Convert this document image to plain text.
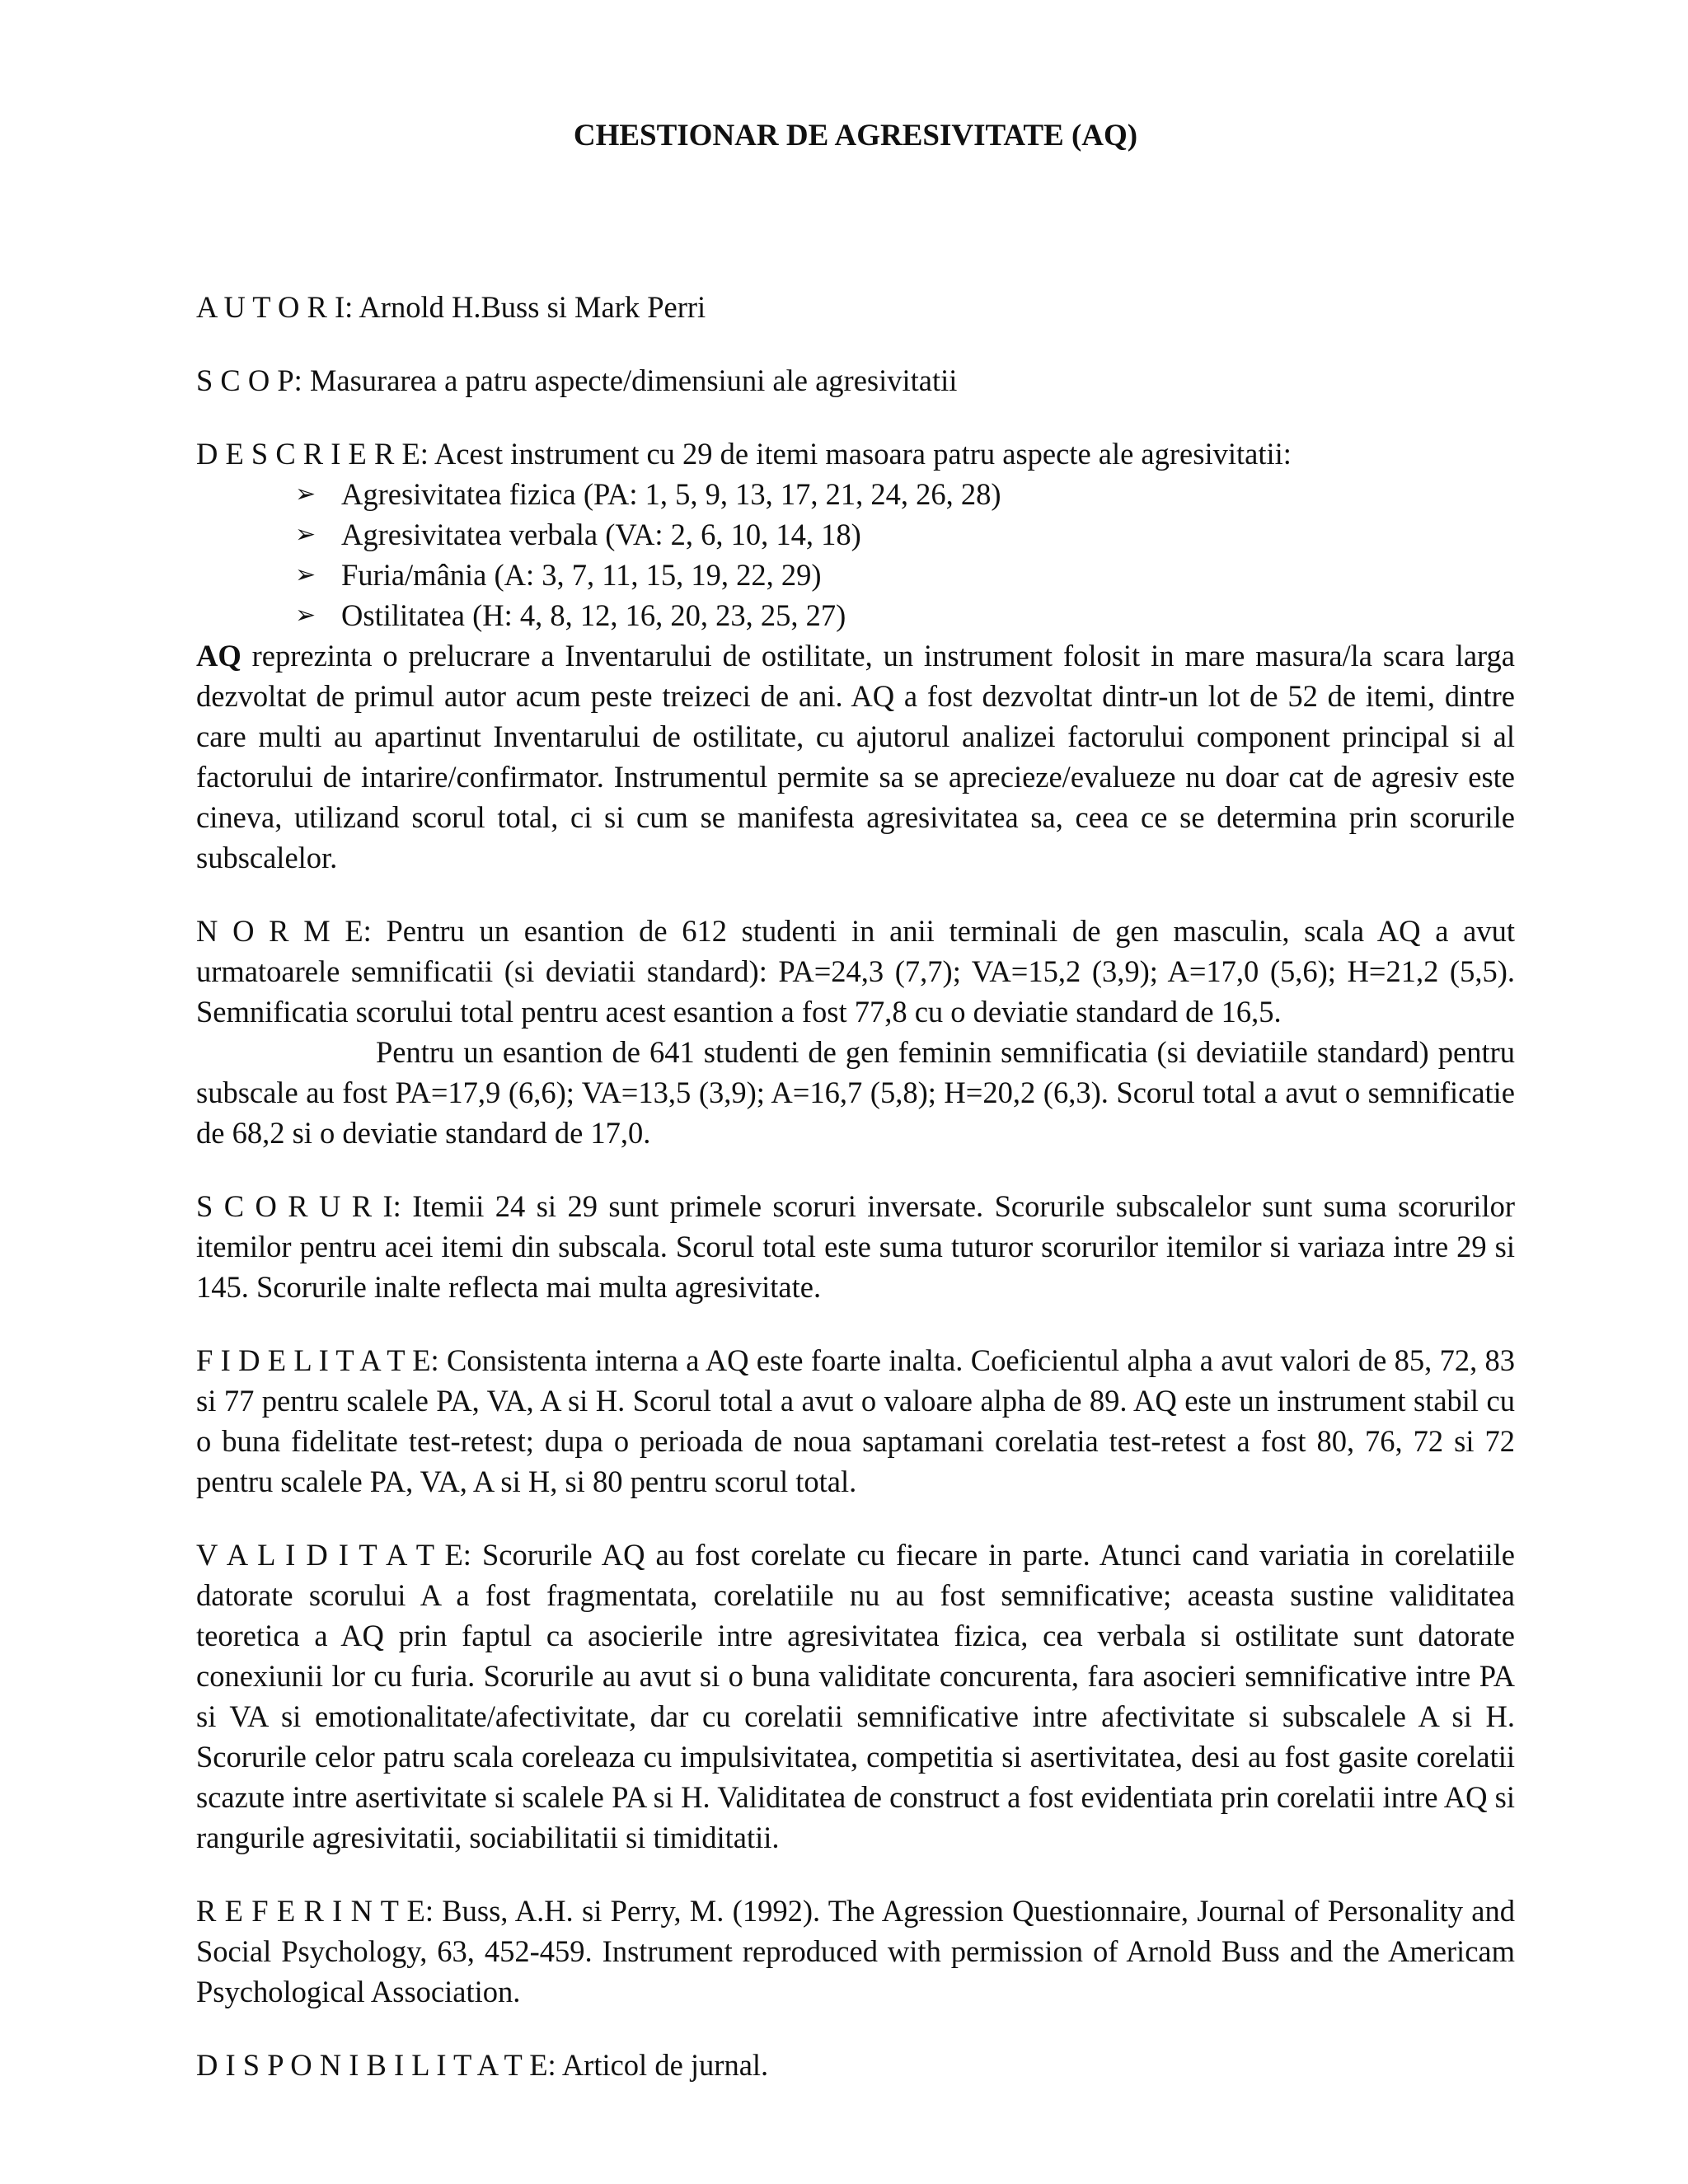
CHESTIONAR DE AGRESIVITATE (AQ)

A U T O R I: Arnold H.Buss si Mark Perri

S C O P: Masurarea a patru aspecte/dimensiuni ale agresivitatii

D E S C R I E R E: Acest instrument cu 29 de itemi masoara patru aspecte ale agresivitatii:

➢ Agresivitatea fizica (PA: 1, 5, 9, 13, 17, 21, 24, 26, 28)
➢ Agresivitatea verbala (VA: 2, 6, 10, 14, 18)
➢ Furia/mânia (A: 3, 7, 11, 15, 19, 22, 29)
➢ Ostilitatea (H: 4, 8, 12, 16, 20, 23, 25, 27)

AQ reprezinta o prelucrare a Inventarului de ostilitate, un instrument folosit in mare masura/la scara larga dezvoltat de primul autor acum peste treizeci de ani. AQ a fost dezvoltat dintr-un lot de 52 de itemi, dintre care multi au apartinut Inventarului de ostilitate, cu ajutorul analizei factorului component principal si al factorului de intarire/confirmator. Instrumentul permite sa se aprecieze/evalueze nu doar cat de agresiv este cineva, utilizand scorul total, ci si cum se manifesta agresivitatea sa, ceea ce se determina prin scorurile subscalelor.

N O R M E: Pentru un esantion de 612 studenti in anii terminali de gen masculin, scala AQ a avut urmatoarele semnificatii (si deviatii standard): PA=24,3 (7,7); VA=15,2 (3,9); A=17,0 (5,6); H=21,2 (5,5). Semnificatia scorului total pentru acest esantion a fost 77,8 cu o deviatie standard de 16,5.

Pentru un esantion de 641 studenti de gen feminin semnificatia (si deviatiile standard) pentru subscale au fost PA=17,9 (6,6); VA=13,5 (3,9); A=16,7 (5,8); H=20,2 (6,3). Scorul total a avut o semnificatie de 68,2 si o deviatie standard de 17,0.

S C O R U R I: Itemii 24 si 29 sunt primele scoruri inversate. Scorurile subscalelor sunt suma scorurilor itemilor pentru acei itemi din subscala. Scorul total este suma tuturor scorurilor itemilor si variaza intre 29 si 145. Scorurile inalte reflecta mai multa agresivitate.

F I D E L I T A T E: Consistenta interna a AQ este foarte inalta. Coeficientul alpha a avut valori de 85, 72, 83 si 77 pentru scalele PA, VA, A si H. Scorul total a avut o valoare alpha de 89. AQ este un instrument stabil cu o buna fidelitate test-retest; dupa o perioada de noua saptamani corelatia test-retest a fost 80, 76, 72 si 72 pentru scalele PA, VA, A si H, si 80 pentru scorul total.

V A L I D I T A T E: Scorurile AQ au fost corelate cu fiecare in parte. Atunci cand variatia in corelatiile datorate scorului A a fost fragmentata, corelatiile nu au fost semnificative; aceasta sustine validitatea teoretica a AQ prin faptul ca asocierile intre agresivitatea fizica, cea verbala si ostilitate sunt datorate conexiunii lor cu furia. Scorurile au avut si o buna validitate concurenta, fara asocieri semnificative intre PA si VA si emotionalitate/afectivitate, dar cu corelatii semnificative intre afectivitate si subscalele A si H. Scorurile celor patru scala coreleaza cu impulsivitatea, competitia si asertivitatea, desi au fost gasite corelatii scazute intre asertivitate si scalele PA si H. Validitatea de construct a fost evidentiata prin corelatii intre AQ si rangurile agresivitatii, sociabilitatii si timiditatii.

R E F E R I N T E: Buss, A.H. si Perry, M. (1992). The Agression Questionnaire, Journal of Personality and Social Psychology, 63, 452-459. Instrument reproduced with permission of Arnold Buss and the Americam Psychological Association.

D I S P O N I B I L I T A T E: Articol de jurnal.
